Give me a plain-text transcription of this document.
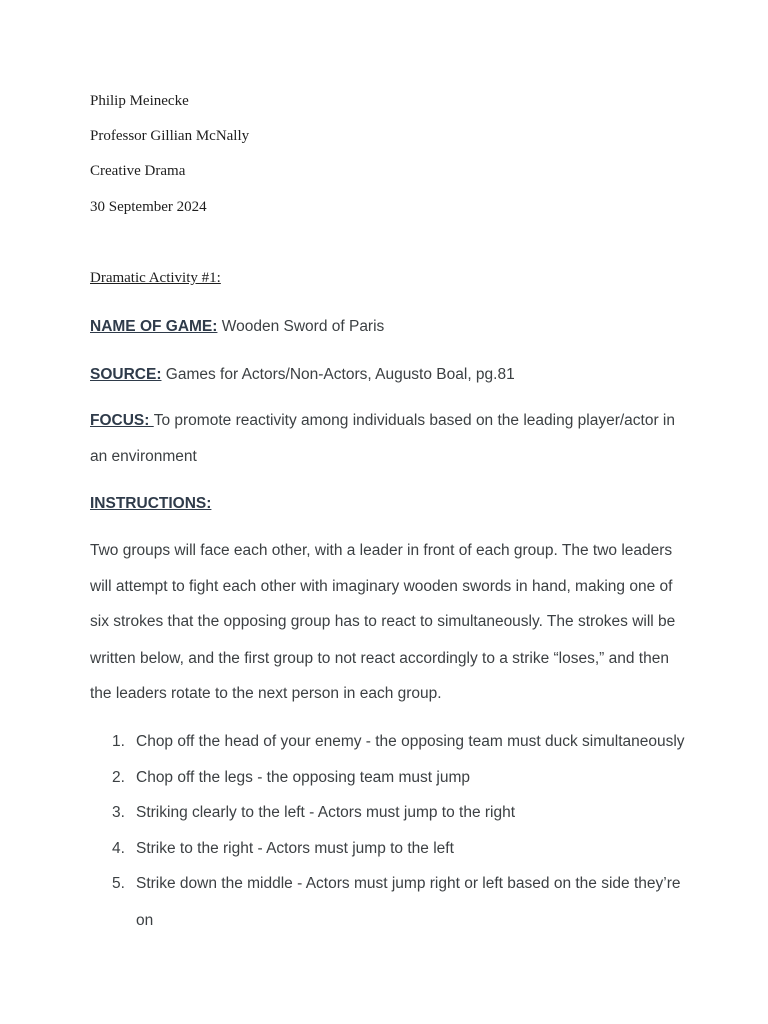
Philip Meinecke

Professor Gillian McNally

Creative Drama

30 September 2024

Dramatic Activity #1:

NAME OF GAME: Wooden Sword of Paris

SOURCE: Games for Actors/Non-Actors, Augusto Boal, pg.81

FOCUS: To promote reactivity among individuals based on the leading player/actor in

an environment

INSTRUCTIONS:

Two groups will face each other, with a leader in front of each group. The two leaders

will attempt to fight each other with imaginary wooden swords in hand, making one of

six strokes that the opposing group has to react to simultaneously. The strokes will be

written below, and the first group to not react accordingly to a strike “loses,” and then

the leaders rotate to the next person in each group.

1. Chop off the head of your enemy - the opposing team must duck simultaneously
2. Chop off the legs - the opposing team must jump
3. Striking clearly to the left - Actors must jump to the right
4. Strike to the right - Actors must jump to the left
5. Strike down the middle - Actors must jump right or left based on the side they’re
on
